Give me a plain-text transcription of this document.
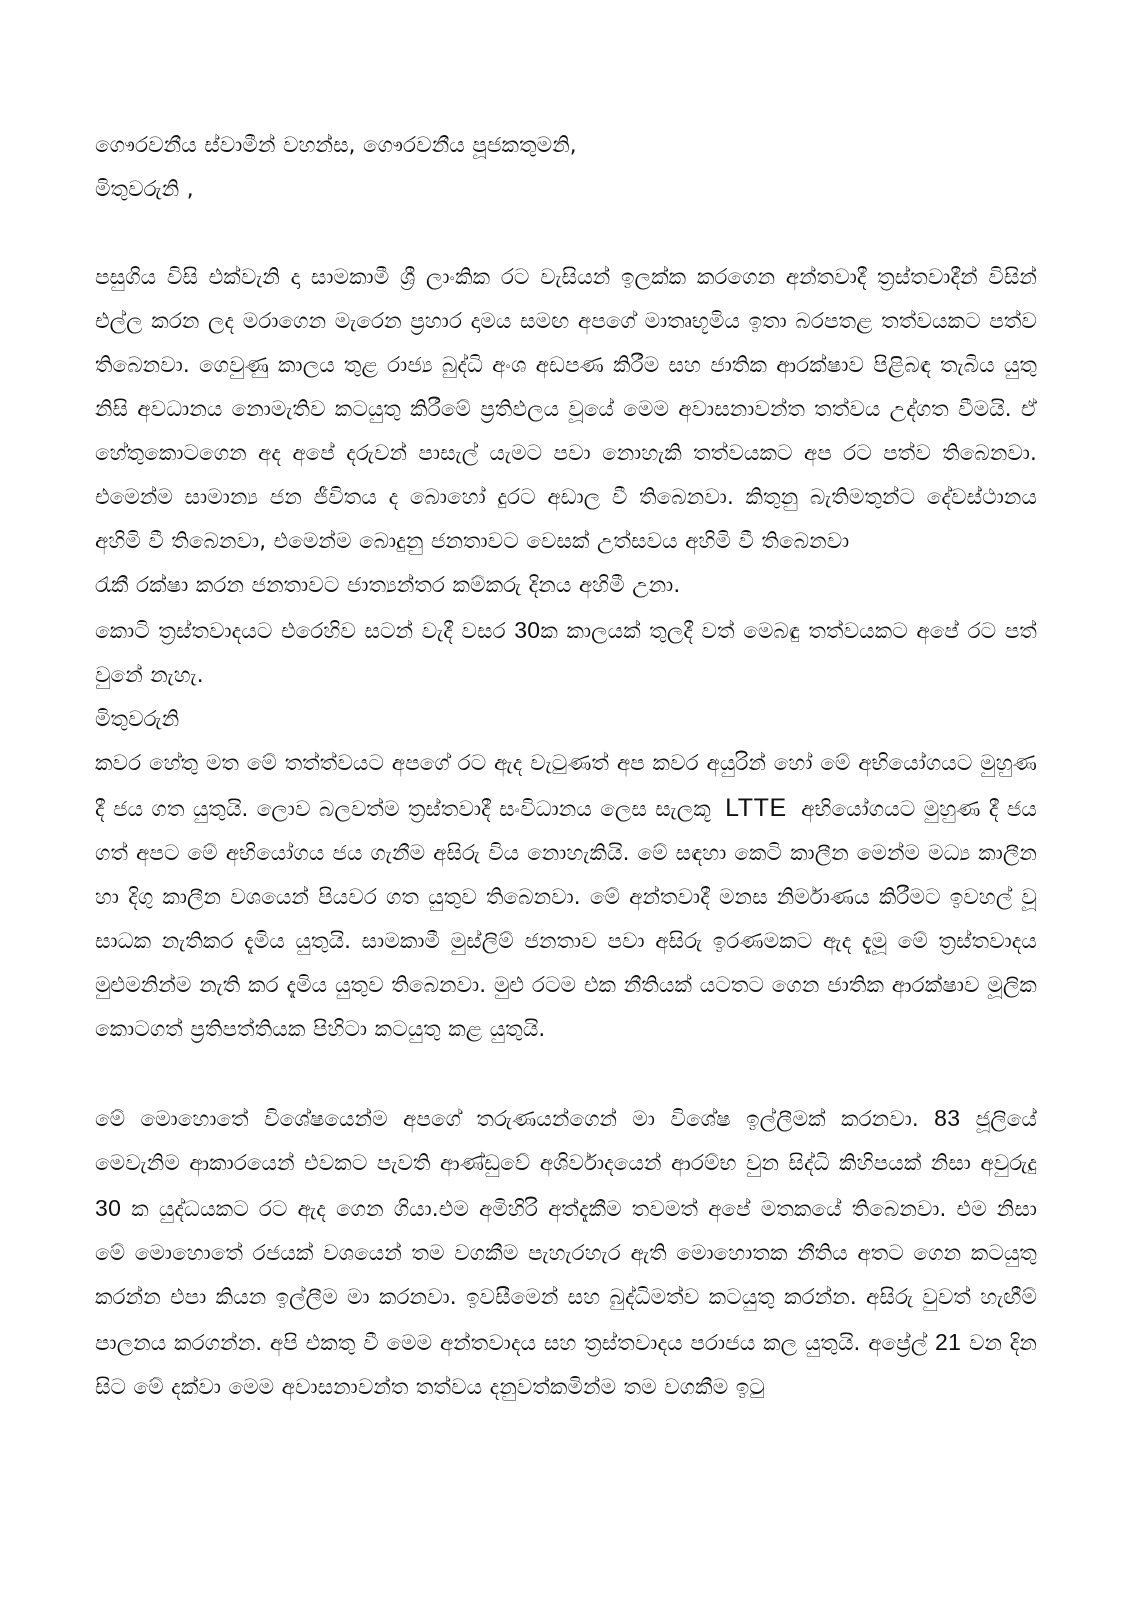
ගෞරවනීය ස්වාමීන් වහන්ස, ගෞරවනීය පූජකතුමනි,

මිතුවරුනි ,

පසුගිය විසි එක්වැනි දා සාමකාමී ශ්‍රී ලාංකික රට වැසියන් ඉලක්ක කරගෙන අන්තවාදී ත්‍රස්තවාදීන් විසින් එල්ල කරන ලද මරාගෙන මැරෙන ප්‍රහාර දාමය සමඟ අපගේ මාතෘභූමිය ඉතා බරපතළ තත්වයකට පත්ව තිබෙනවා. ගෙවුණු කාලය තුළ රාජ්‍ය බුද්ධි අංශ අඩපණ කිරීම සහ ජාතික ආරක්ෂාව පිළිබඳ තැබිය යුතු නිසි අවධානය නොමැතිව කටයුතු කිරීමේ ප්‍රතිඵලය වූයේ මෙම අවාසනාවන්ත තත්වය උද්ගත වීමයි. ඒ හේතුකොටගෙන අද අපේ දරුවන් පාසැල් යැමට පවා නොහැකි තත්වයකට අප රට පත්ව තිබෙනවා. එමෙන්ම සාමාන්‍ය ජන ජීවිතය ද බොහෝ දුරට අඩාල වී තිබෙනවා. කිතුනු බැතිමතුන්ට දේවස්ථානය අහිමි වී තිබෙනවා, එමෙන්ම බොදුනු ජනතාවට වෙසක් උත්සවය අහිමි වී තිබෙනවා

රැකී රක්ෂා කරන ජනතාවට ජාත්‍යන්තර කම්කරු දිනය අහිමී උනා.

කොටි ත්‍රස්තවාදයට එරෙහිව සටන් වැදී වසර 30ක කාලයක් තුලදී වත් මෙබඳු තත්වයකට අපේ රට පත් වුනේ නැහැ.

මිතුවරුනි

කවර හේතු මත මේ තත්ත්වයට අපගේ රට ඇද වැටුණත් අප කවර අයුරින් හෝ මේ අභියෝගයට මුහුණ දී ජය ගත යුතුයි. ලොව බලවත්ම ත්‍රස්තවාදී සංවිධානය ලෙස සැලකූ LTTE අභියෝගයට මුහුණ දී ජය ගත් අපට මේ අභියෝගය ජය ගැනීම අසිරු විය නොහැකියි. මේ සඳහා කෙටි කාලීන මෙන්ම මධ්‍ය කාලීන හා දිගු කාලීන වශයෙන් පියවර ගත යුතුව තිබෙනවා. මේ අන්තවාදී මනස නිර්මාණය කිරීමට ඉවහල් වූ සාධක නැතිකර දැමිය යුතුයි. සාමකාමී මුස්ලිම් ජනතාව පවා අසිරු ඉරණමකට ඇද දැමූ මේ ත්‍රස්තවාදය මුළුමනින්ම නැති කර දැමිය යුතුව තිබෙනවා. මුළු රටම එක නීතියක් යටතට ගෙන ජාතික ආරක්ෂාව මූලික කොටගත් ප්‍රතිපත්තියක පිහිටා කටයුතු කළ යුතුයි.

මේ මොහොතේ විශේෂයෙන්ම අපගේ තරුණයන්ගෙන් මා විශේෂ ඉල්ලීමක් කරනවා. 83 ජූලියේ මෙවැනිම ආකාරයෙන් එවකට පැවති ආණ්ඩුවේ අශිර්වාදයෙන් ආරම්භ වුන සිද්ධි කිහිපයක් නිසා අවුරුදු 30 ක යුද්ධයකට රට ඇද ගෙන ගියා.එම අමිහිරි අත්දැකීම තවමත් අපේ මතකයේ තිබෙනවා. එම නිසා මේ මොහොතේ රජයක් වශයෙන් තම වගකීම පැහැරහැර ඇති මොහොතක නීතිය අතට ගෙන කටයුතු කරන්න එපා කියන ඉල්ලීම මා කරනවා. ඉවසීමෙන් සහ බුද්ධිමත්ව කටයුතු කරන්න. අසිරු වුවත් හැඟීම් පාලනය කරගන්න. අපි එකතු වී මෙම අන්තවාදය සහ ත්‍රස්තවාදය පරාජය කල යුතුයි. අප්‍රේල් 21 වන දින සිට මේ දක්වා මෙම අවාසනාවන්ත තත්වය දනුවත්කමින්ම තම වගකීම ඉටු
